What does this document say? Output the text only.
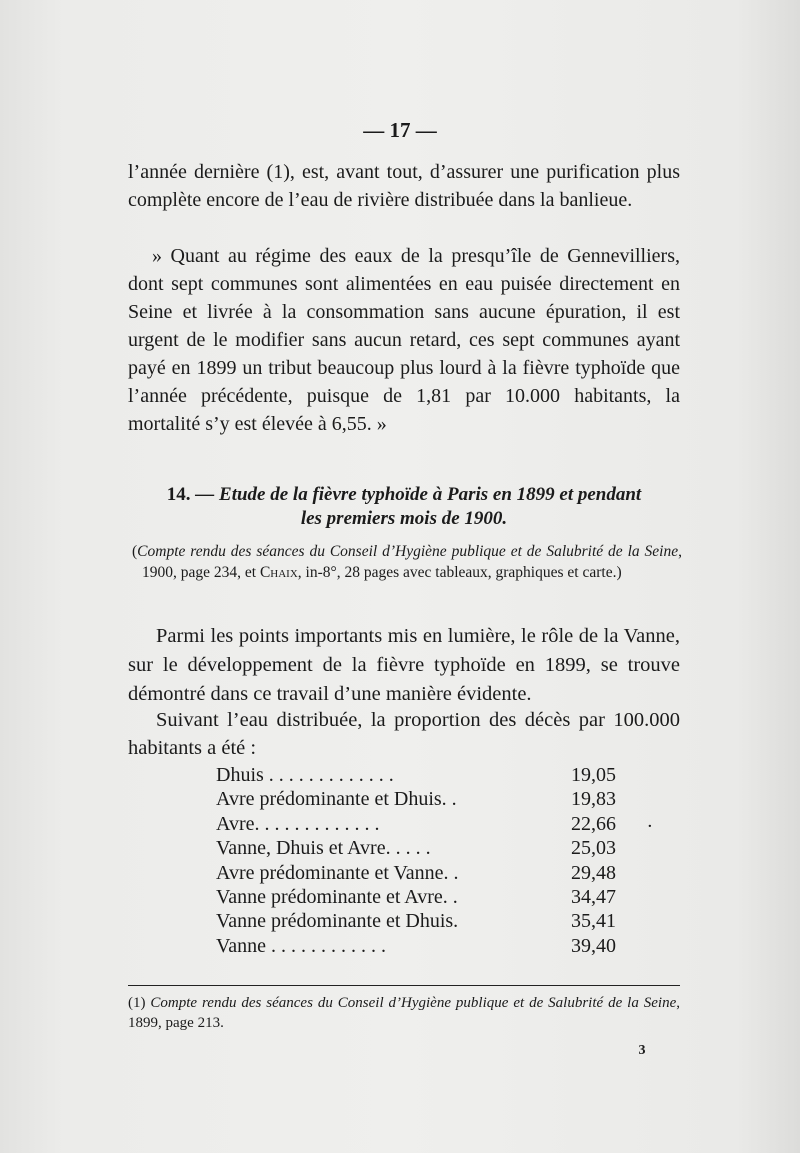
— 17 —
l’année dernière (1), est, avant tout, d’assurer une purification plus complète encore de l’eau de rivière distribuée dans la banlieue.
» Quant au régime des eaux de la presqu’île de Gennevilliers, dont sept communes sont alimentées en eau puisée directement en Seine et livrée à la consommation sans aucune épuration, il est urgent de le modifier sans aucun retard, ces sept communes ayant payé en 1899 un tribut beaucoup plus lourd à la fièvre typhoïde que l’année précédente, puisque de 1,81 par 10.000 habitants, la mortalité s’y est élevée à 6,55. »
14. — Etude de la fièvre typhoïde à Paris en 1899 et pendant
les premiers mois de 1900.
(Compte rendu des séances du Conseil d’Hygiène publique et de Salubrité de la Seine, 1900, page 234, et Chaix, in-8°, 28 pages avec tableaux, graphiques et carte.)
Parmi les points importants mis en lumière, le rôle de la Vanne, sur le développement de la fièvre typhoïde en 1899, se trouve démontré dans ce travail d’une manière évidente.
Suivant l’eau distribuée, la proportion des décès par 100.000 habitants a été :
Dhuis . . . . . . . . . . . . .	19,05
Avre prédominante et Dhuis. .	19,83
Avre. . . . . . . . . . . . .	22,66
Vanne, Dhuis et Avre. . . . .	25,03
Avre prédominante et Vanne. .	29,48
Vanne prédominante et Avre. .	34,47
Vanne prédominante et Dhuis.	35,41
Vanne . . . . . . . . . . . .	39,40
·
(1) Compte rendu des séances du Conseil d’Hygiène publique et de Salubrité de la Seine, 1899, page 213.
3
